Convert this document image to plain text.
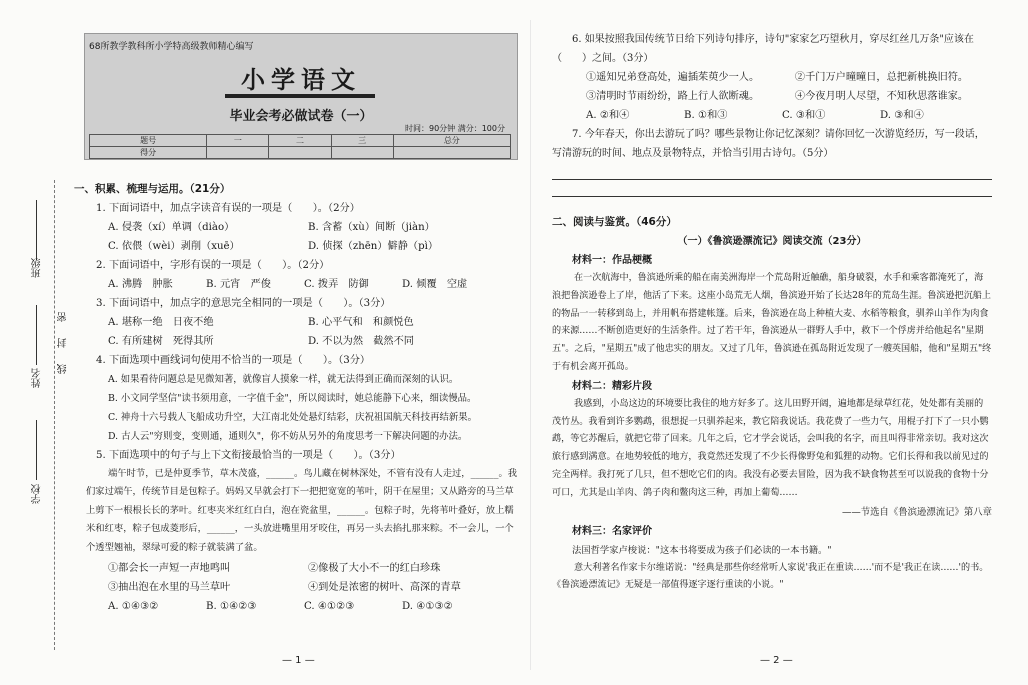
班级
密
封
线
姓名
学校
68所教学教科所小学特高级教师精心编写
小学语文
毕业会考必做试卷（一）
时间：90分钟 满分：100分
题号	一	二	三	总分
得分				
一、积累、梳理与运用。（21分）
1. 下面词语中，加点字读音有误的一项是（　　）。（2分）
A. 侵袭（xí）单调（diào）	B. 含蓄（xù）间断（jiàn）
C. 依偎（wèi）剥削（xuē）	D. 侦探（zhēn）僻静（pì）
2. 下面词语中，字形有误的一项是（　　）。（2分）
A. 沸腾　肿胀	B. 元宵　严俊	C. 拨弄　防御	D. 倾覆　空虚
3. 下面词语中，加点字的意思完全相同的一项是（　　）。（3分）
A. 堪称一绝　日夜不绝	B. 心平气和　和颜悦色
C. 有所建树　死得其所	D. 不以为然　截然不同
4. 下面选项中画线词句使用不恰当的一项是（　　）。（3分）
A. 如果看待问题总是见微知著，就像盲人摸象一样，就无法得到正确而深刻的认识。
B. 小文同学坚信"读书须用意，一字值千金"，所以阅读时，她总能静下心来，细读慢品。
C. 神舟十六号载人飞船成功升空，大江南北处处悬灯结彩，庆祝祖国航天科技再结新果。
D. 古人云"穷则变，变则通，通则久"，你不妨从另外的角度思考一下解决问题的办法。
5. 下面选项中的句子与上下文衔接最恰当的一项是（　　）。（3分）
端午时节，已是仲夏季节，草木茂盛，______。鸟儿藏在树林深处，不管有没有人走过，______。我们家过端午，传统节目是包粽子。妈妈又早就会打下一把把宽宽的苇叶，阴干在屋里；又从路旁的马兰草上剪下一根根长长的茅叶。红枣夹米红红白白，泡在瓷盆里，______。包粽子时，先将苇叶叠好，放上糯米和红枣，粽子包成菱形后，______，一头放进嘴里用牙咬住，再另一头去掐扎那来粽。不一会儿，一个个透型翘袖，翠绿可爱的粽子就装满了盆。
①都会长一声短一声地鸣叫	②像极了大小不一的红白珍珠
③抽出泡在水里的马兰草叶	④到处是浓密的树叶、高深的青草
A. ①④③②	B. ①④②③	C. ④①②③	D. ④①③②
— 1 —
6. 如果按照我国传统节日给下列诗句排序，诗句"家家乞巧望秋月，穿尽红丝几万条"应该在（　　）之间。（3分）
①遥知兄弟登高处，遍插茱萸少一人。	②千门万户曈曈日，总把新桃换旧符。
③清明时节雨纷纷，路上行人欲断魂。	④今夜月明人尽望，不知秋思落谁家。
A. ②和④	B. ①和③	C. ③和①	D. ③和④
7. 今年春天，你出去游玩了吗？哪些景物让你记忆深刻？请你回忆一次游览经历，写一段话，写清游玩的时间、地点及景物特点，并恰当引用古诗句。（5分）
二、阅读与鉴赏。（46分）
（一）《鲁滨逊漂流记》阅读交流（23分）
材料一：作品梗概
在一次航海中，鲁滨逊所乘的船在南美洲海岸一个荒岛附近触礁，船身破裂，水手和乘客都淹死了，海浪把鲁滨逊卷上了岸，他活了下来。这座小岛荒无人烟，鲁滨逊开始了长达28年的荒岛生涯。鲁滨逊把沉船上的物品一一转移到岛上，并用帆布搭建帐篷。后来，鲁滨逊在岛上种植大麦、水稻等粮食，驯养山羊作为肉食的来源……不断创造更好的生活条件。过了若干年，鲁滨逊从一群野人手中，救下一个俘虏并给他起名"星期五"。之后，"星期五"成了他忠实的朋友。又过了几年，鲁滨逊在孤岛附近发现了一艘英国船，他和"星期五"终于有机会离开孤岛。
材料二：精彩片段
我感到，小岛这边的环境要比我住的地方好多了。这儿田野开阔，遍地都是绿草红花，处处都有美丽的茂竹丛。我看到许多鹦鹉，很想捉一只驯养起来，教它陪我说话。我花费了一些力气，用棍子打下了一只小鹦鹉，等它苏醒后，就把它带了回来。几年之后，它才学会说话，会叫我的名字，而且叫得非常亲切。我对这次旅行感到满意。在地势较低的地方，我竟然还发现了不少长得像野兔和狐狸的动物。它们长得和我以前见过的完全两样。我打死了几只，但不想吃它们的肉。我没有必要去冒险，因为我不缺食物甚至可以说我的食物十分可口，尤其是山羊肉、鸽子肉和鳖肉这三种，再加上葡萄……
——节选自《鲁滨逊漂流记》第八章
材料三：名家评价
法国哲学家卢梭说："这本书将要成为孩子们必读的一本书籍。"
意大利著名作家卡尔维诺说："经典是那些你经常听人家说'我正在重读……'而不是'我正在读……'的书。《鲁滨逊漂流记》无疑是一部值得逐字逐行重读的小说。"
— 2 —
